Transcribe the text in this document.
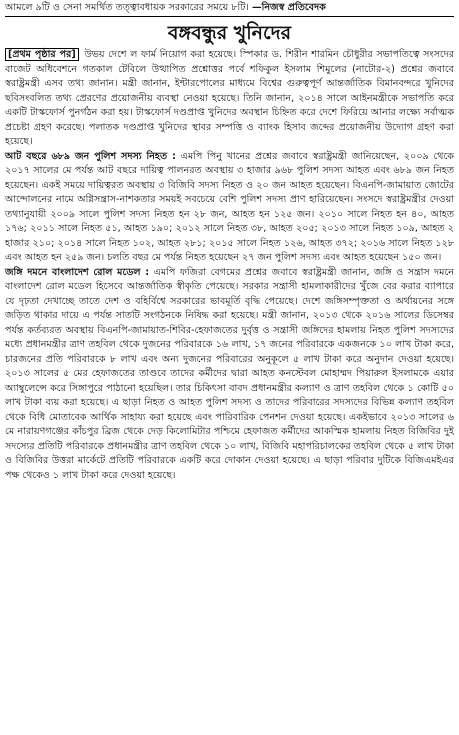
আমলে ৯টি ও সেনা সমর্থিত তত্ত্বাবধায়ক সরকারের সময়ে ৮টি। —নিজস্ব প্রতিবেদক
বঙ্গবন্ধুর খুনিদের

[প্রথম পৃষ্ঠার পর] উভয় দেশে ল ফার্ম নিয়োগ করা হয়েছে। স্পিকার ড. শিরীন শারমিন চৌধুরীর সভাপতিত্বে সংসদের বাজেট অধিবেশনে গতকাল টেবিলে উত্থাপিত প্রশ্নোত্তর পর্বে শফিকুল ইসলাম শিমুলের (নাটোর-২) প্রশ্নের জবাবে স্বরাষ্ট্রমন্ত্রী এসব তথ্য জানান। মন্ত্রী জানান, ইন্টারপোলের মাধ্যমে বিশ্বের গুরুত্বপূর্ণ আন্তর্জাতিক বিমানবন্দরে খুনিদের ছবিসংবলিত তথ্য প্রেরণের প্রয়োজনীয় ব্যবস্থা নেওয়া হয়েছে। তিনি জানান, ২০১৪ সালে আইনমন্ত্রীকে সভাপতি করে একটি টাস্কফোর্স পুনর্গঠন করা হয়। টাস্কফোর্স দণ্ডপ্রাপ্ত খুনিদের অবস্থান চিহ্নিত করে দেশে ফিরিয়ে আনার লক্ষ্যে সর্বাত্মক প্রচেষ্টা গ্রহণ করেছে। পলাতক দণ্ডপ্রাপ্ত খুনিদের স্থাবর সম্পত্তি ও ব্যাংক হিসাব জব্দের প্রয়োজনীয় উদ্যোগ গ্রহণ করা হয়েছে।

আট বছরে ৬৮৯ জন পুলিশ সদস্য নিহত : এমপি পিনু খানের প্রশ্নের জবাবে স্বরাষ্ট্রমন্ত্রী জানিয়েছেন, ২০০৯ থেকে ২০১৭ সালের মে পর্যন্ত আট বছরে দায়িত্ব পালনরত অবস্থায় ৩ হাজার ৯৬৮ পুলিশ সদস্য আহত এবং ৬৮৯ জন নিহত হয়েছেন। একই সময়ে দায়িত্বরত অবস্থায় ৩ বিজিবি সদস্য নিহত ও ২০ জন আহত হয়েছেন। বিএনপি-জামায়াত জোটের আন্দোলনের নামে অগ্নিসন্ত্রাস-নাশকতার সময়ই সবচেয়ে বেশি পুলিশ সদস্য প্রাণ হারিয়েছেন। সংসদে স্বরাষ্ট্রমন্ত্রীর দেওয়া তথ্যানুযায়ী ২০০৯ সালে পুলিশ সদস্য নিহত হন ২৮ জন, আহত হন ১২৫ জন। ২০১০ সালে নিহত হন ৪০, আহত ১৭৬; ২০১১ সালে নিহত ৫১, আহত ১৯০; ২০১২ সালে নিহত ৩৮, আহত ২০৫; ২০১৩ সালে নিহত ১০৯, আহত ২ হাজার ২১০; ২০১৪ সালে নিহত ১০২, আহত ২৮১; ২০১৫ সালে নিহত ১২৬, আহত ৩৭২; ২০১৬ সালে নিহত ১২৮ এবং আহত হন ২৫৯ জন। চলতি বছর মে পর্যন্ত নিহত হয়েছেন ২৭ জন পুলিশ সদস্য এবং আহত হয়েছেন ১৫০ জন।

জঙ্গি দমনে বাংলাদেশ রোল মডেল : এমপি ফজিরা বেগমের প্রশ্নের জবাবে স্বরাষ্ট্রমন্ত্রী জানান, জঙ্গি ও সন্ত্রাস দমনে বাংলাদেশ রোল মডেল হিসেবে আন্তর্জাতিক স্বীকৃতি পেয়েছে। সরকার সন্ত্রাসী হামলাকারীদের খুঁজে বের করার ব্যাপারে যে দৃঢ়তা দেখাচ্ছে তাতে দেশ ও বহির্বিশ্বে সরকারের ভাবমূর্তি বৃদ্ধি পেয়েছে। দেশে জঙ্গিসম্পৃক্ততা ও অর্থায়নের সঙ্গে জড়িত থাকার দায়ে এ পর্যন্ত সাতটি সংগঠনকে নিষিদ্ধ করা হয়েছে। মন্ত্রী জানান, ২০১৩ থেকে ২০১৬ সালের ডিসেম্বর পর্যন্ত কর্তব্যরত অবস্থায় বিএনপি-জামায়াত-শিবির-হেফাজতের দুর্বৃত্ত ও সন্ত্রাসী জঙ্গিদের হামলায় নিহত পুলিশ সদস্যদের মধ্যে প্রধানমন্ত্রীর ত্রাণ তহবিল থেকে দুজনের পরিবারকে ১৬ লাখ, ১৭ জনের পরিবারকে একজনকে ১০ লাখ টাকা করে, চারজনের প্রতি পরিবারকে ৮ লাখ এবং অন্য দুজনের পরিবারের অনুকূলে ৫ লাখ টাকা করে অনুদান দেওয়া হয়েছে। ২০১৩ সালের ৫ মের হেফাজতের তাণ্ডবে তাদের কর্মীদের দ্বারা আহত কনস্টেবল মোহাম্মদ পিয়ারুল ইসলামকে এয়ার অ্যাম্বুলেন্সে করে সিঙ্গাপুরে পাঠানো হয়েছিল। তার চিকিৎসা বাবদ প্রধানমন্ত্রীর কল্যাণ ও ত্রাণ তহবিল থেকে ১ কোটি ৫০ লাখ টাকা ব্যয় করা হয়েছে। এ ছাড়া নিহত ও আহত পুলিশ সদস্য ও তাদের পরিবারের সদস্যদের বিভিন্ন কল্যাণ তহবিল থেকে বিধি মোতাবেক আর্থিক সাহায্য করা হয়েছে এবং পারিবারিক পেনশন দেওয়া হয়েছে। একইভাবে ২০১৩ সালের ৬ মে নারায়ণগঞ্জের কাঁচপুর ব্রিজ থেকে দেড় কিলোমিটার পশ্চিমে হেফাজত কর্মীদের আকস্মিক হামলায় নিহত বিজিবির দুই সদস্যের প্রতিটি পরিবারকে প্রধানমন্ত্রীর ত্রাণ তহবিল থেকে ১০ লাখ, বিজিবি মহাপরিচালকের তহবিল থেকে ৫ লাখ টাকা ও বিজিবির উত্তরা মার্কেটে প্রতিটি পরিবারকে একটি করে দোকান দেওয়া হয়েছে। এ ছাড়া পরিবার দুটিকে বিজিএমইএর পক্ষ থেকেও ১ লাখ টাকা করে দেওয়া হয়েছে।
